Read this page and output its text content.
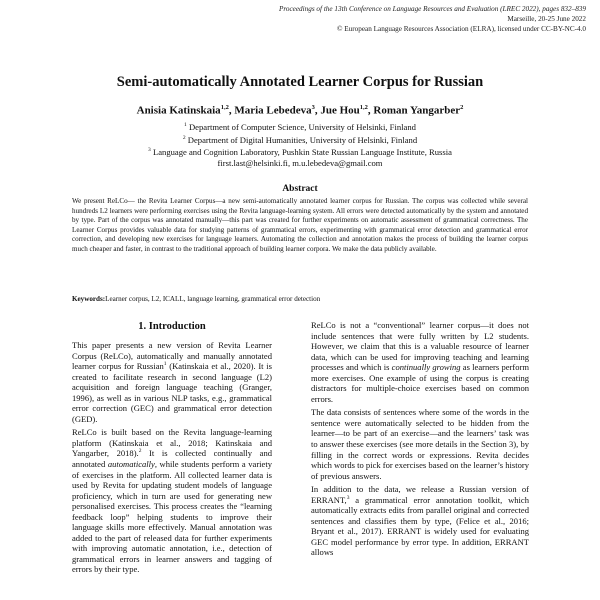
Proceedings of the 13th Conference on Language Resources and Evaluation (LREC 2022), pages 832–839
Marseille, 20-25 June 2022
© European Language Resources Association (ELRA), licensed under CC-BY-NC-4.0
Semi-automatically Annotated Learner Corpus for Russian
Anisia Katinskaia$^{1,2}$, Maria Lebedeva$^3$, Jue Hou$^{1,2}$, Roman Yangarber$^2$
$^1$ Department of Computer Science, University of Helsinki, Finland
$^2$ Department of Digital Humanities, University of Helsinki, Finland
$^3$ Language and Cognition Laboratory, Pushkin State Russian Language Institute, Russia
first.last@helsinki.fi, m.u.lebedeva@gmail.com
Abstract
We present ReLCo— the Revita Learner Corpus—a new semi-automatically annotated learner corpus for Russian. The corpus was collected while several hundreds L2 learners were performing exercises using the Revita language-learning system. All errors were detected automatically by the system and annotated by type. Part of the corpus was annotated manually—this part was created for further experiments on automatic assessment of grammatical correctness. The Learner Corpus provides valuable data for studying patterns of grammatical errors, experimenting with grammatical error detection and grammatical error correction, and developing new exercises for language learners. Automating the collection and annotation makes the process of building the learner corpus much cheaper and faster, in contrast to the traditional approach of building learner corpora. We make the data publicly available.
Keywords:Learner corpus, L2, ICALL, language learning, grammatical error detection
1. Introduction

This paper presents a new version of Revita Learner Corpus (ReLCo), automatically and manually annotated learner corpus for Russian$^1$ (Katinskaia et al., 2020). It is created to facilitate research in second language (L2) acquisition and foreign language teaching (Granger, 1996), as well as in various NLP tasks, e.g., grammatical error correction (GEC) and grammatical error detection (GED).

ReLCo is built based on the Revita language-learning platform (Katinskaia et al., 2018; Katinskaia and Yangarber, 2018).$^2$ It is collected continually and annotated automatically, while students perform a variety of exercises in the platform. All collected learner data is used by Revita for updating student models of language proficiency, which in turn are used for generating new personalised exercises. This process creates the “learning feedback loop” helping students to improve their language skills more effectively. Manual annotation was added to the part of released data for further experiments with improving automatic annotation, i.e., detection of grammatical errors in learner answers and tagging of errors by their type.

ReLCo is not a “conventional” learner corpus—it does not include sentences that were fully written by L2 students. However, we claim that this is a valuable resource of learner data, which can be used for improving teaching and learning processes and which is continually growing as learners perform more exercises. One example of using the corpus is creating distractors for multiple-choice exercises based on common errors.

The data consists of sentences where some of the words in the sentence were automatically selected to be hidden from the learner—to be part of an exercise—and the learners’ task was to answer these exercises (see more details in the Section 3), by filling in the correct words or expressions. Revita decides which words to pick for exercises based on the learner’s history of previous answers.

In addition to the data, we release a Russian version of ERRANT,$^3$ a grammatical error annotation toolkit, which automatically extracts edits from parallel original and corrected sentences and classifies them by type, (Felice et al., 2016; Bryant et al., 2017). ERRANT is widely used for evaluating GEC model performance by error type. In addition, ERRANT allows
